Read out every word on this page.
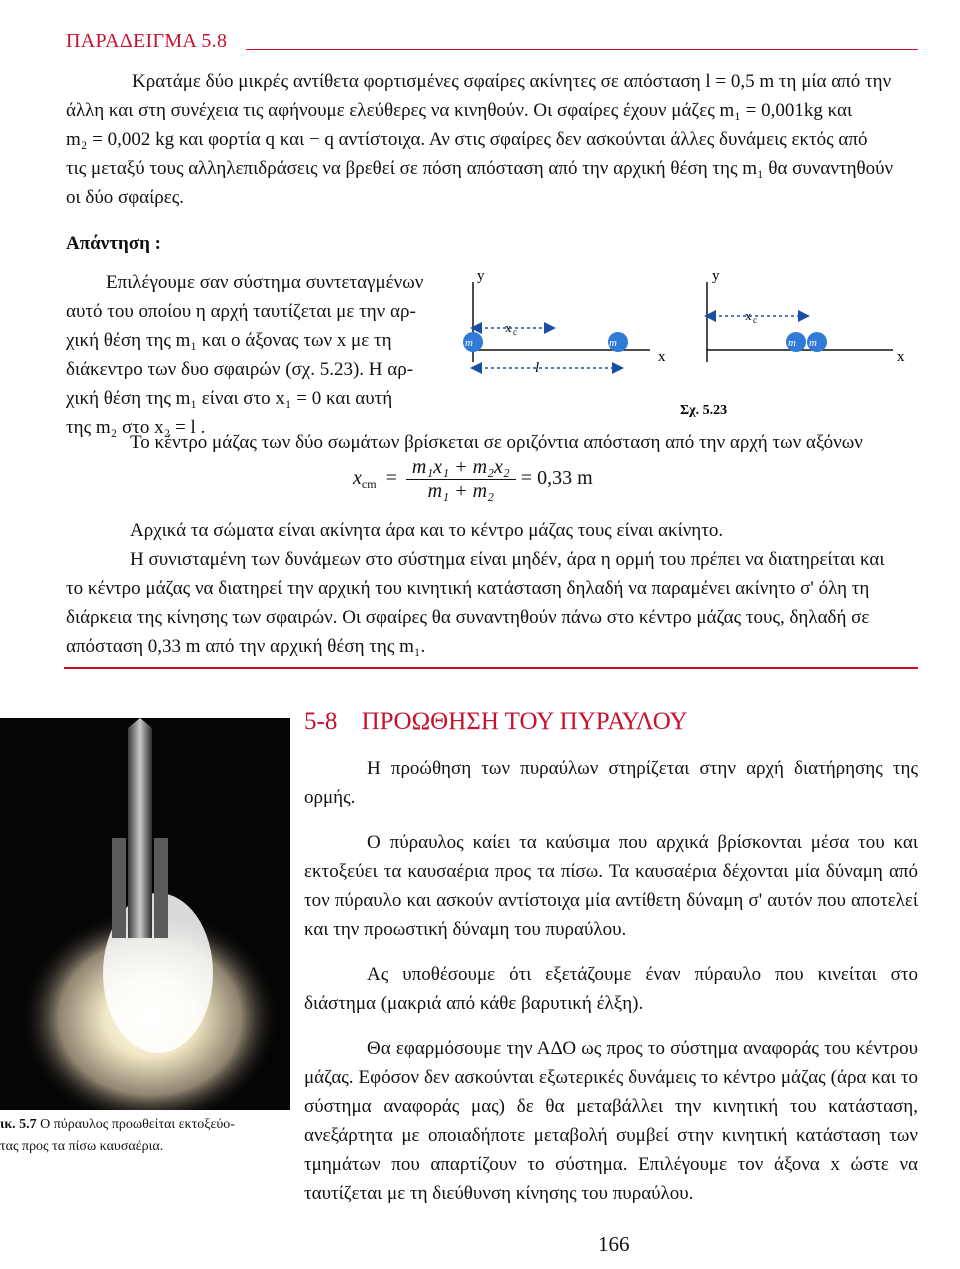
ΠΑΡΑΔΕΙΓΜΑ 5.8
Κρατάμε δύο μικρές αντίθετα φορτισμένες σφαίρες ακίνητες σε απόσταση l = 0,5 m τη μία από την
άλλη και στη συνέχεια τις αφήνουμε ελεύθερες να κινηθούν. Οι σφαίρες έχουν μάζες m₁ = 0,001kg και
m₂ = 0,002 kg και φορτία q και − q αντίστοιχα. Αν στις σφαίρες δεν ασκούνται άλλες δυνάμεις εκτός από
τις μεταξύ τους αλληλεπιδράσεις να βρεθεί σε πόση απόσταση από την αρχική θέση της m₁ θα συναντηθούν
οι δύο σφαίρες.
Απάντηση :
Επιλέγουμε σαν σύστημα συντεταγμένων
αυτό του οποίου η αρχή ταυτίζεται με την αρ-
χική θέση της m₁ και ο άξονας των x με τη
διάκεντρο των δυο σφαιρών (σχ. 5.23). Η αρ-
χική θέση της m₁ είναι στο x₁ = 0 και αυτή
της m₂ στο x₂ = l .
y
x
m	m
x c
l
y
x
x c
m m
Σχ. 5.23
Το κέντρο μάζας των δύο σωμάτων βρίσκεται σε οριζόντια απόσταση από την αρχή των αξόνων
$x_{cm} = \frac{\text{m₁x₁ + m₂x₂}}{\text{m₁ + m₂}} = 0,33$ m
Αρχικά τα σώματα είναι ακίνητα άρα και το κέντρο μάζας τους είναι ακίνητο.
Η συνισταμένη των δυνάμεων στο σύστημα είναι μηδέν, άρα η ορμή του πρέπει να διατηρείται και
το κέντρο μάζας να διατηρεί την αρχική του κινητική κατάσταση δηλαδή να παραμένει ακίνητο σ' όλη τη
διάρκεια της κίνησης των σφαιρών. Οι σφαίρες θα συναντηθούν πάνω στο κέντρο μάζας τους, δηλαδή σε
απόσταση 0,33 m από την αρχική θέση της m₁.
ικ. 5.7 Ο πύραυλος προωθείται εκτοξεύο-
τας προς τα πίσω καυσαέρια.
5-8 ΠΡΟΩΘΗΣΗ ΤΟΥ ΠΥΡΑΥΛΟΥ
Η προώθηση των πυραύλων στηρίζεται στην αρχή διατήρησης της ορμής.
Ο πύραυλος καίει τα καύσιμα που αρχικά βρίσκονται μέσα του και εκτοξεύει τα καυσαέρια προς τα πίσω. Τα καυσαέρια δέχονται μία δύναμη από τον πύραυλο και ασκούν αντίστοιχα μία αντίθετη δύναμη σ' αυτόν που αποτελεί και την προωστική δύναμη του πυραύλου.
Ας υποθέσουμε ότι εξετάζουμε έναν πύραυλο που κινείται στο διάστημα (μακριά από κάθε βαρυτική έλξη).
Θα εφαρμόσουμε την ΑΔΟ ως προς το σύστημα αναφοράς του κέντρου μάζας. Εφόσον δεν ασκούνται εξωτερικές δυνάμεις το κέντρο μάζας (άρα και το σύστημα αναφοράς μας) δε θα μεταβάλλει την κινητική του κατάσταση, ανεξάρτητα με οποιαδήποτε μεταβολή συμβεί στην κινητική κατάσταση των τμημάτων που απαρτίζουν το σύστημα. Επιλέγουμε τον άξονα x ώστε να ταυτίζεται με τη διεύθυνση κίνησης του πυραύλου.
166
